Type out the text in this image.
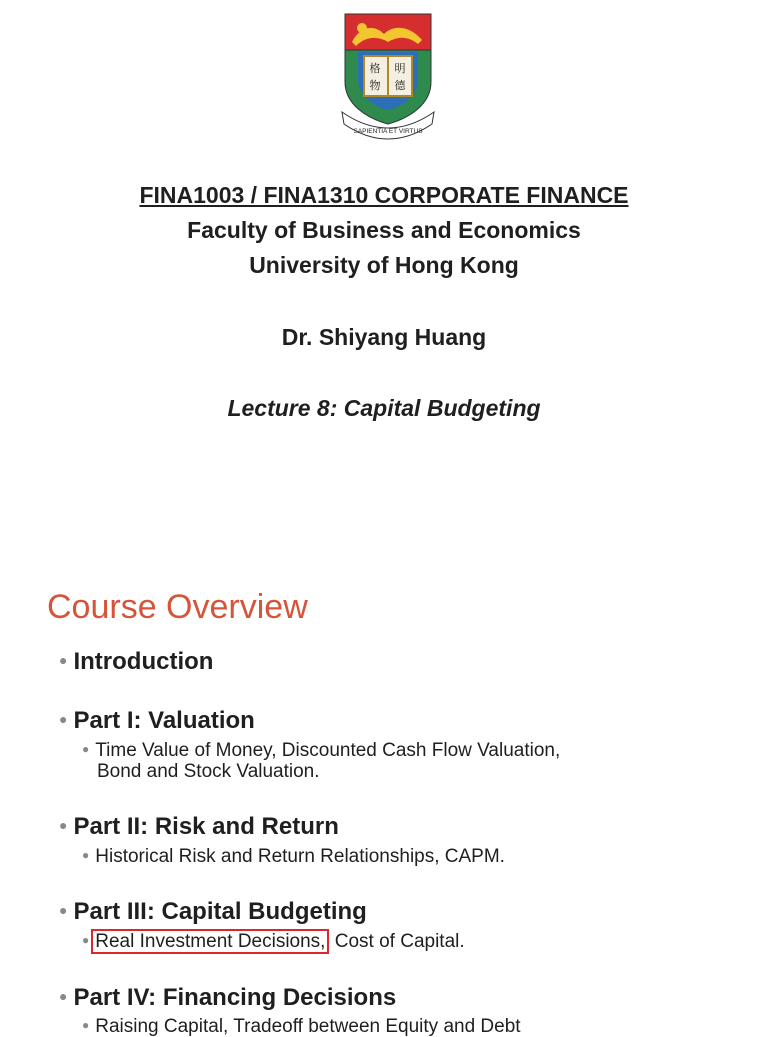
格 明
物 德
SAPIENTIA ET VIRTUS
FINA1003 / FINA1310 CORPORATE FINANCE
Faculty of Business and Economics
University of Hong Kong
Dr. Shiyang Huang
Lecture 8: Capital Budgeting
Course Overview
● Introduction
● Part I: Valuation
● Time Value of Money, Discounted Cash Flow Valuation,
Bond and Stock Valuation.
● Part II: Risk and Return
● Historical Risk and Return Relationships, CAPM.
● Part III: Capital Budgeting
● Real Investment Decisions, Cost of Capital.
● Part IV: Financing Decisions
● Raising Capital, Tradeoff between Equity and Debt
